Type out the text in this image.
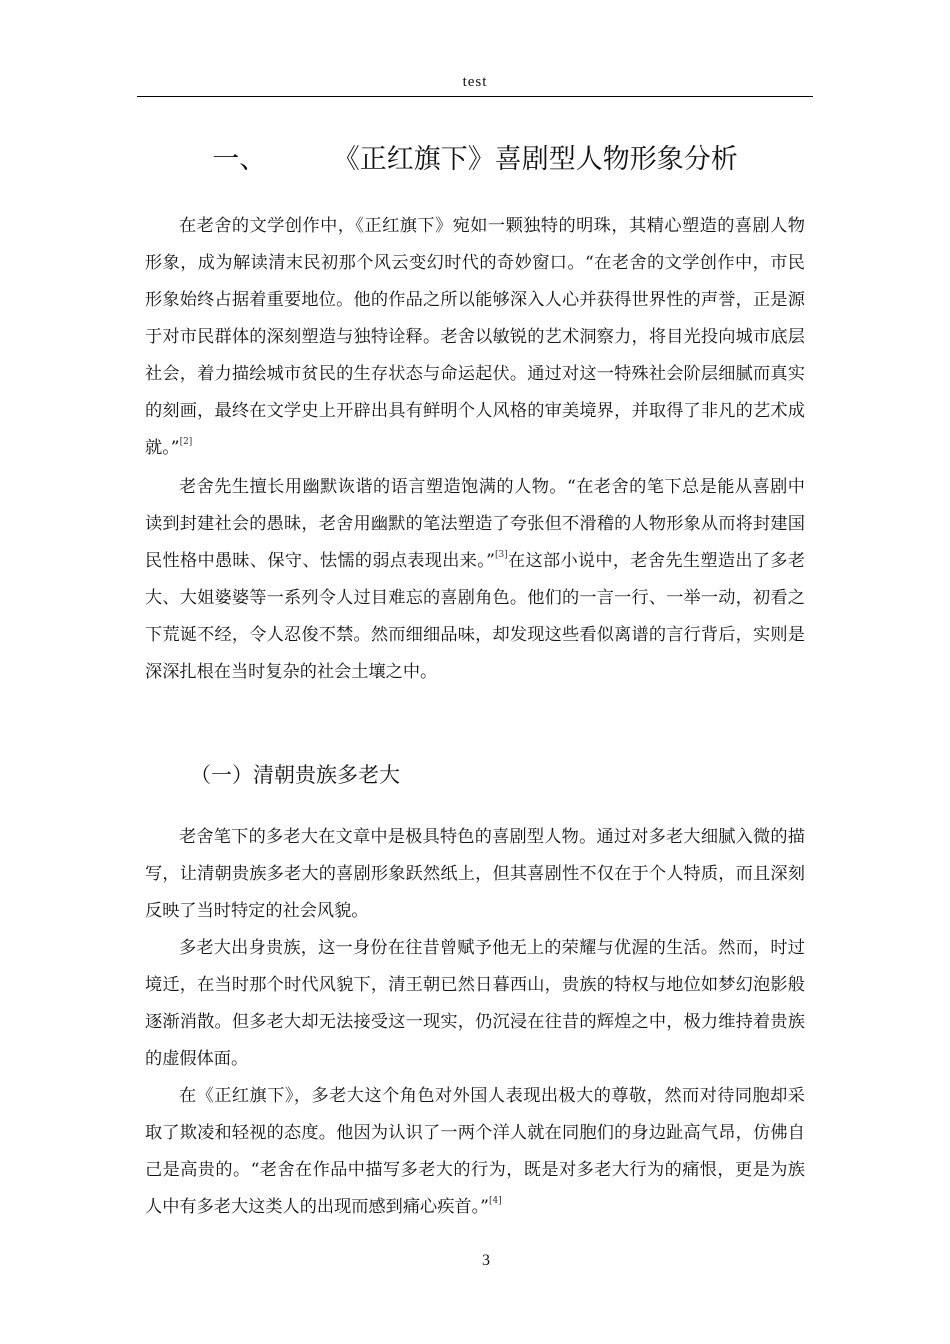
test
一、	《正红旗下》喜剧型人物形象分析

在老舍的文学创作中，《正红旗下》宛如一颗独特的明珠，其精心塑造的喜剧人物形象，成为解读清末民初那个风云变幻时代的奇妙窗口。“在老舍的文学创作中，市民形象始终占据着重要地位。他的作品之所以能够深入人心并获得世界性的声誉，正是源于对市民群体的深刻塑造与独特诠释。老舍以敏锐的艺术洞察力，将目光投向城市底层社会，着力描绘城市贫民的生存状态与命运起伏。通过对这一特殊社会阶层细腻而真实的刻画，最终在文学史上开辟出具有鲜明个人风格的审美境界，并取得了非凡的艺术成就。”[2]

老舍先生擅长用幽默诙谐的语言塑造饱满的人物。“在老舍的笔下总是能从喜剧中读到封建社会的愚昧，老舍用幽默的笔法塑造了夸张但不滑稽的人物形象从而将封建国民性格中愚昧、保守、怯懦的弱点表现出来。”[3]在这部小说中，老舍先生塑造出了多老大、大姐婆婆等一系列令人过目难忘的喜剧角色。他们的一言一行、一举一动，初看之下荒诞不经，令人忍俊不禁。然而细细品味，却发现这些看似离谱的言行背后，实则是深深扎根在当时复杂的社会土壤之中。

（一）清朝贵族多老大

老舍笔下的多老大在文章中是极具特色的喜剧型人物。通过对多老大细腻入微的描写，让清朝贵族多老大的喜剧形象跃然纸上，但其喜剧性不仅在于个人特质，而且深刻反映了当时特定的社会风貌。

多老大出身贵族，这一身份在往昔曾赋予他无上的荣耀与优渥的生活。然而，时过境迁，在当时那个时代风貌下，清王朝已然日暮西山，贵族的特权与地位如梦幻泡影般逐渐消散。但多老大却无法接受这一现实，仍沉浸在往昔的辉煌之中，极力维持着贵族的虚假体面。

在《正红旗下》，多老大这个角色对外国人表现出极大的尊敬，然而对待同胞却采取了欺凌和轻视的态度。他因为认识了一两个洋人就在同胞们的身边趾高气昂，仿佛自己是高贵的。“老舍在作品中描写多老大的行为，既是对多老大行为的痛恨，更是为族人中有多老大这类人的出现而感到痛心疾首。”[4]

3
